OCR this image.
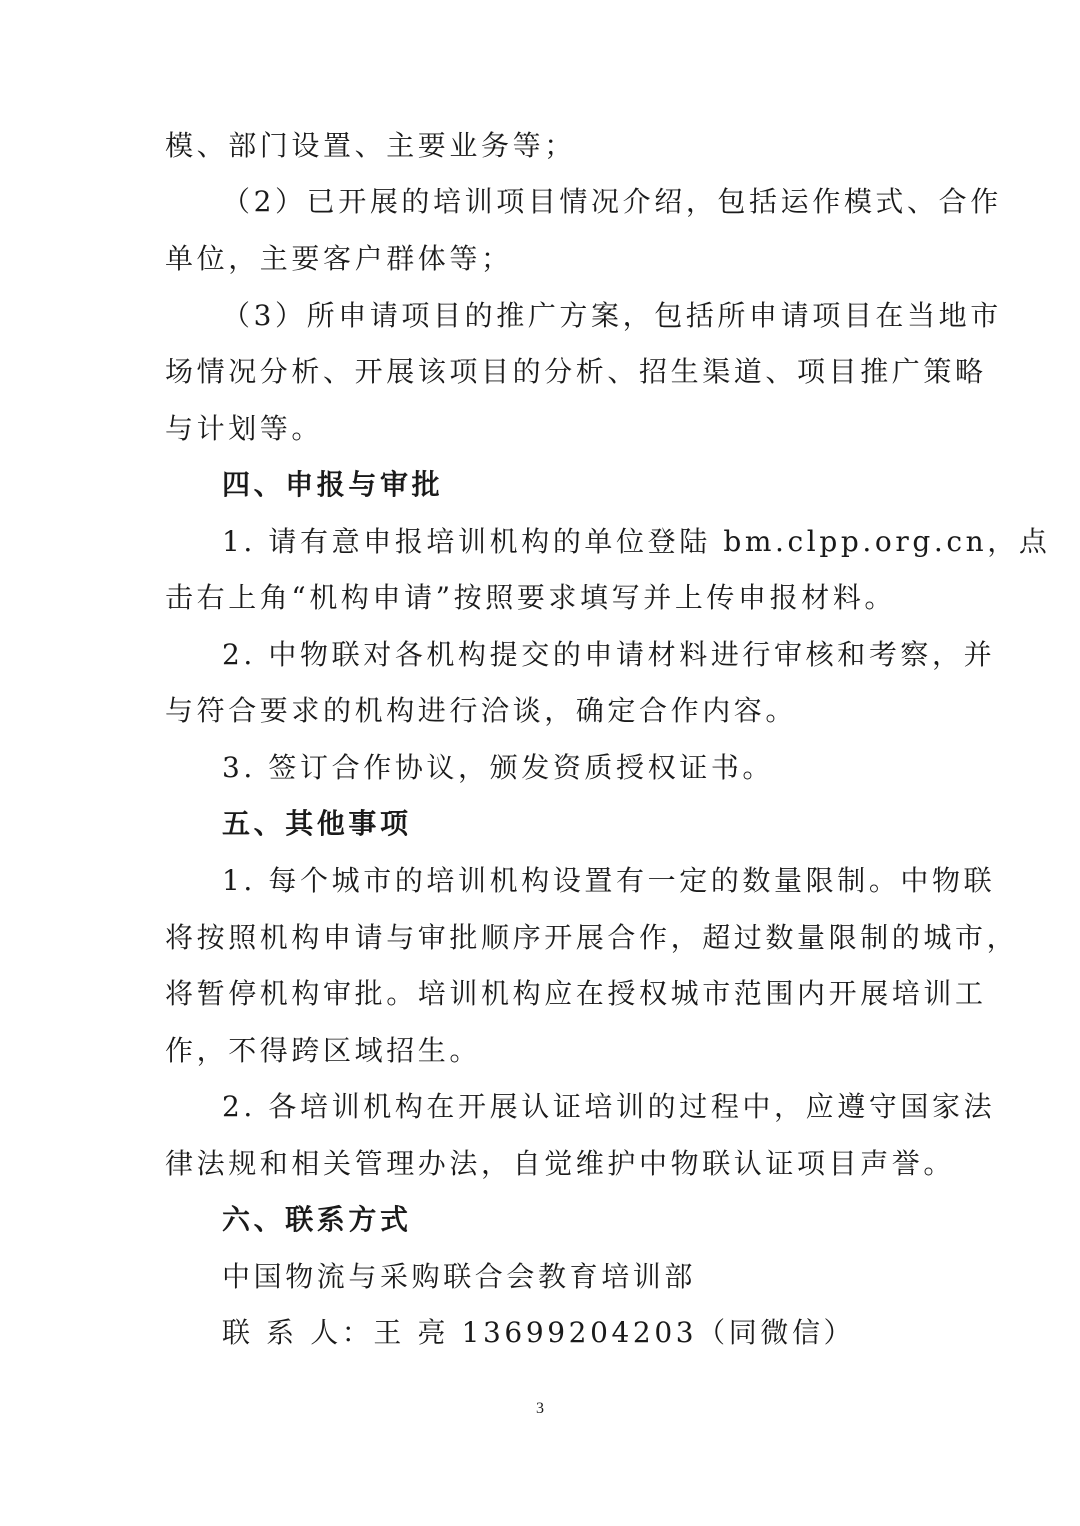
模、部门设置、主要业务等；
（2）已开展的培训项目情况介绍，包括运作模式、合作
单位，主要客户群体等；
（3）所申请项目的推广方案，包括所申请项目在当地市
场情况分析、开展该项目的分析、招生渠道、项目推广策略
与计划等。
四、申报与审批
1. 请有意申报培训机构的单位登陆 bm.clpp.org.cn，点
击右上角“机构申请”按照要求填写并上传申报材料。
2. 中物联对各机构提交的申请材料进行审核和考察，并
与符合要求的机构进行洽谈，确定合作内容。
3. 签订合作协议，颁发资质授权证书。
五、其他事项
1. 每个城市的培训机构设置有一定的数量限制。中物联
将按照机构申请与审批顺序开展合作，超过数量限制的城市，
将暂停机构审批。培训机构应在授权城市范围内开展培训工
作，不得跨区域招生。
2. 各培训机构在开展认证培训的过程中，应遵守国家法
律法规和相关管理办法，自觉维护中物联认证项目声誉。
六、联系方式
中国物流与采购联合会教育培训部
联 系 人：王 亮 13699204203（同微信）
3
